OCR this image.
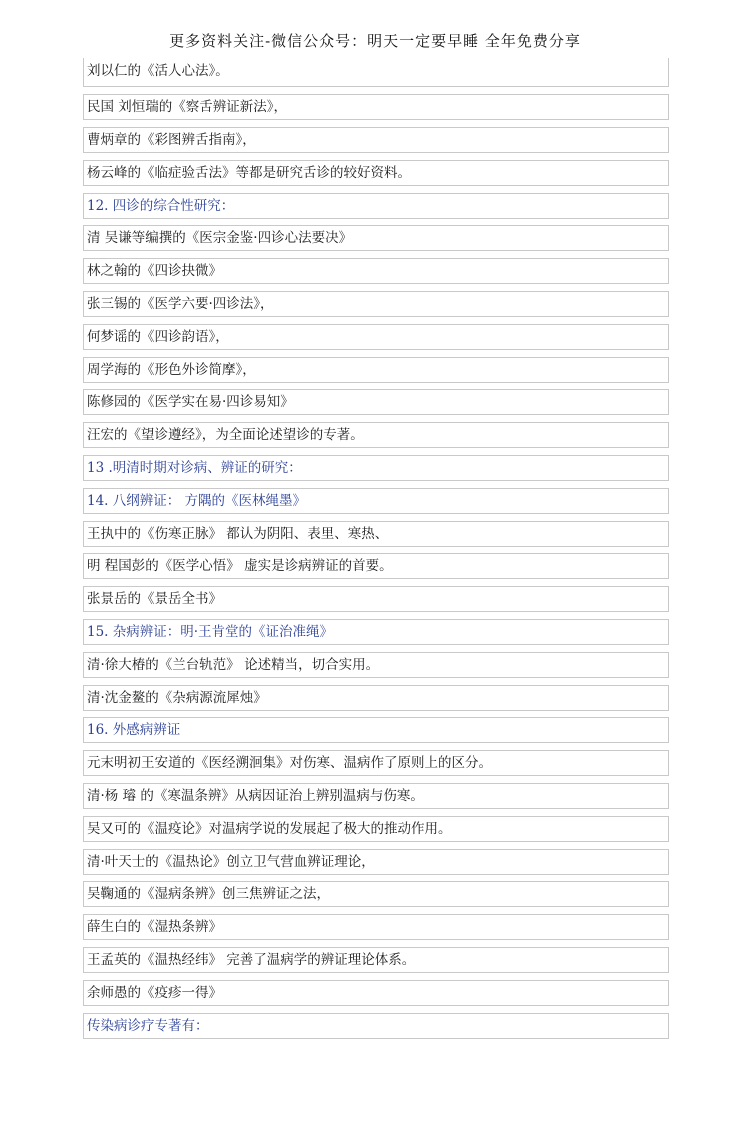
更多资料关注-微信公众号：明天一定要早睡 全年免费分享
刘以仁的《活人心法》。
民国 刘恒瑞的《察舌辨证新法》，
曹炳章的《彩图辨舌指南》，
杨云峰的《临症验舌法》等都是研究舌诊的较好资料。
12. 四诊的综合性研究：
清 吴谦等编撰的《医宗金鉴·四诊心法要决》
林之翰的《四诊抉微》
张三锡的《医学六要·四诊法》，
何梦谣的《四诊韵语》，
周学海的《形色外诊简摩》，
陈修园的《医学实在易·四诊易知》
汪宏的《望诊遵经》，为全面论述望诊的专著。
13 .明清时期对诊病、辨证的研究：
14. 八纲辨证： 方隅的《医林绳墨》
王执中的《伤寒正脉》 都认为阴阳、表里、寒热、
明 程国彭的《医学心悟》 虚实是诊病辨证的首要。
张景岳的《景岳全书》
15. 杂病辨证：明·王肯堂的《证治准绳》
清·徐大椿的《兰台轨范》 论述精当，切合实用。
清·沈金鳌的《杂病源流犀烛》
16. 外感病辨证
元末明初王安道的《医经溯洄集》对伤寒、温病作了原则上的区分。
清·杨 璿 的《寒温条辨》从病因证治上辨别温病与伤寒。
吴又可的《温疫论》对温病学说的发展起了极大的推动作用。
清·叶天士的《温热论》创立卫气营血辨证理论，
吴鞠通的《湿病条辨》创三焦辨证之法，
薛生白的《湿热条辨》
王孟英的《温热经纬》 完善了温病学的辨证理论体系。
余师愚的《疫疹一得》
传染病诊疗专著有：
